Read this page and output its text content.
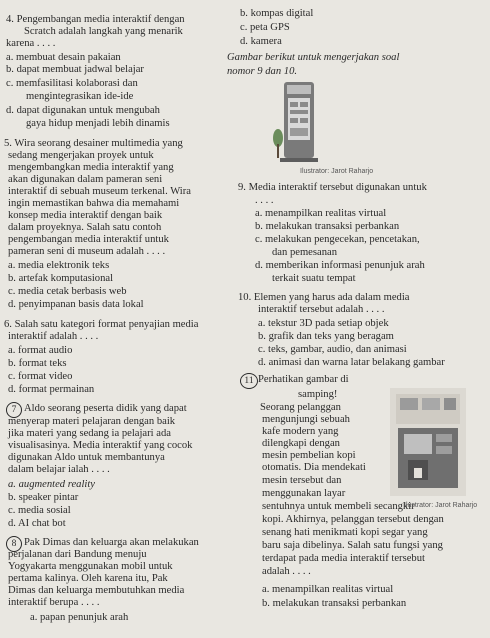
4. Pengembangan media interaktif dengan
Scratch adalah langkah yang menarik
karena . . . .
a. membuat desain pakaian
b. dapat membuat jadwal belajar
c. memfasilitasi kolaborasi dan
mengintegrasikan ide-ide
d. dapat digunakan untuk mengubah
gaya hidup menjadi lebih dinamis
5. Wira seorang desainer multimedia yang
sedang mengerjakan proyek untuk
mengembangkan media interaktif yang
akan digunakan dalam pameran seni
interaktif di sebuah museum terkenal. Wira
ingin memastikan bahwa dia memahami
konsep media interaktif dengan baik
dalam proyeknya. Salah satu contoh
pengembangan media interaktif untuk
pameran seni di museum adalah . . . .
a. media elektronik teks
b. artefak komputasional
c. media cetak berbasis web
d. penyimpanan basis data lokal
6. Salah satu kategori format penyajian media
interaktif adalah . . . .
a. format audio
b. format teks
c. format video
d. format permainan
Aldo seorang peserta didik yang dapat
menyerap materi pelajaran dengan baik
jika materi yang sedang ia pelajari ada
visualisasinya. Media interaktif yang cocok
digunakan Aldo untuk membantunya
dalam belajar ialah . . . .
a. augmented reality
b. speaker pintar
c. media sosial
d. AI chat bot
Pak Dimas dan keluarga akan melakukan
perjalanan dari Bandung menuju
Yogyakarta menggunakan mobil untuk
pertama kalinya. Oleh karena itu, Pak
Dimas dan keluarga membutuhkan media
interaktif berupa . . . .
a. papan penunjuk arah
b. kompas digital
c. peta GPS
d. kamera
Gambar berikut untuk mengerjakan soal
nomor 9 dan 10.
9. Media interaktif tersebut digunakan untuk
. . . .
a. menampilkan realitas virtual
b. melakukan transaksi perbankan
c. melakukan pengecekan, pencetakan,
dan pemesanan
d. memberikan informasi penunjuk arah
terkait suatu tempat
10. Elemen yang harus ada dalam media
interaktif tersebut adalah . . . .
a. tekstur 3D pada setiap objek
b. grafik dan teks yang beragam
c. teks, gambar, audio, dan animasi
d. animasi dan warna latar belakang gambar
Perhatikan gambar di
samping!
Seorang pelanggan
mengunjungi sebuah
kafe modern yang
dilengkapi dengan
mesin pembelian kopi
otomatis. Dia mendekati
mesin tersebut dan
menggunakan layar
sentuhnya untuk membeli secangkir
kopi. Akhirnya, pelanggan tersebut dengan
senang hati menikmati kopi segar yang
baru saja dibelinya. Salah satu fungsi yang
terdapat pada media interaktif tersebut
adalah . . . .
a. menampilkan realitas virtual
b. melakukan transaksi perbankan
7
8
11
Ilustrator: Jarot Raharjo
Ilustrator: Jarot Raharjo
